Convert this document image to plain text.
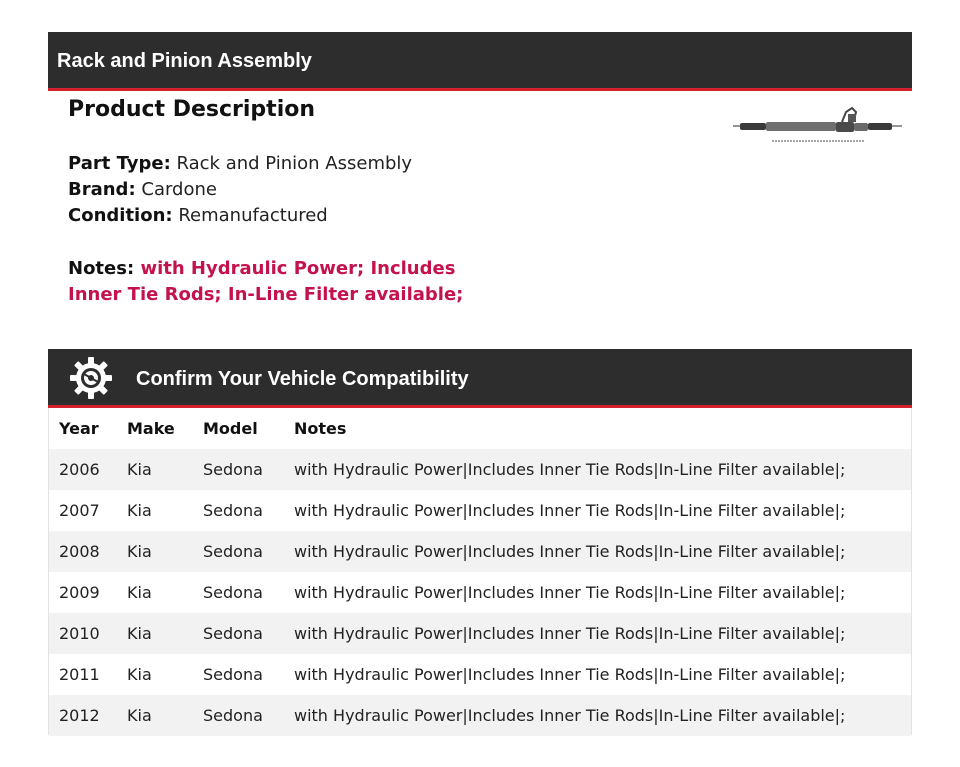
Rack and Pinion Assembly
Product Description
Part Type: Rack and Pinion Assembly
Brand: Cardone
Condition: Remanufactured
Notes: with Hydraulic Power; Includes
Inner Tie Rods; In-Line Filter available;
Confirm Your Vehicle Compatibility
Year Make Model Notes
2006 Kia	Sedona with Hydraulic Power|Includes Inner Tie Rods|In-Line Filter available|;
2007 Kia	Sedona with Hydraulic Power|Includes Inner Tie Rods|In-Line Filter available|;
2008 Kia	Sedona with Hydraulic Power|Includes Inner Tie Rods|In-Line Filter available|;
2009 Kia	Sedona with Hydraulic Power|Includes Inner Tie Rods|In-Line Filter available|;
2010 Kia	Sedona with Hydraulic Power|Includes Inner Tie Rods|In-Line Filter available|;
2011 Kia	Sedona with Hydraulic Power|Includes Inner Tie Rods|In-Line Filter available|;
2012 Kia	Sedona with Hydraulic Power|Includes Inner Tie Rods|In-Line Filter available|;
